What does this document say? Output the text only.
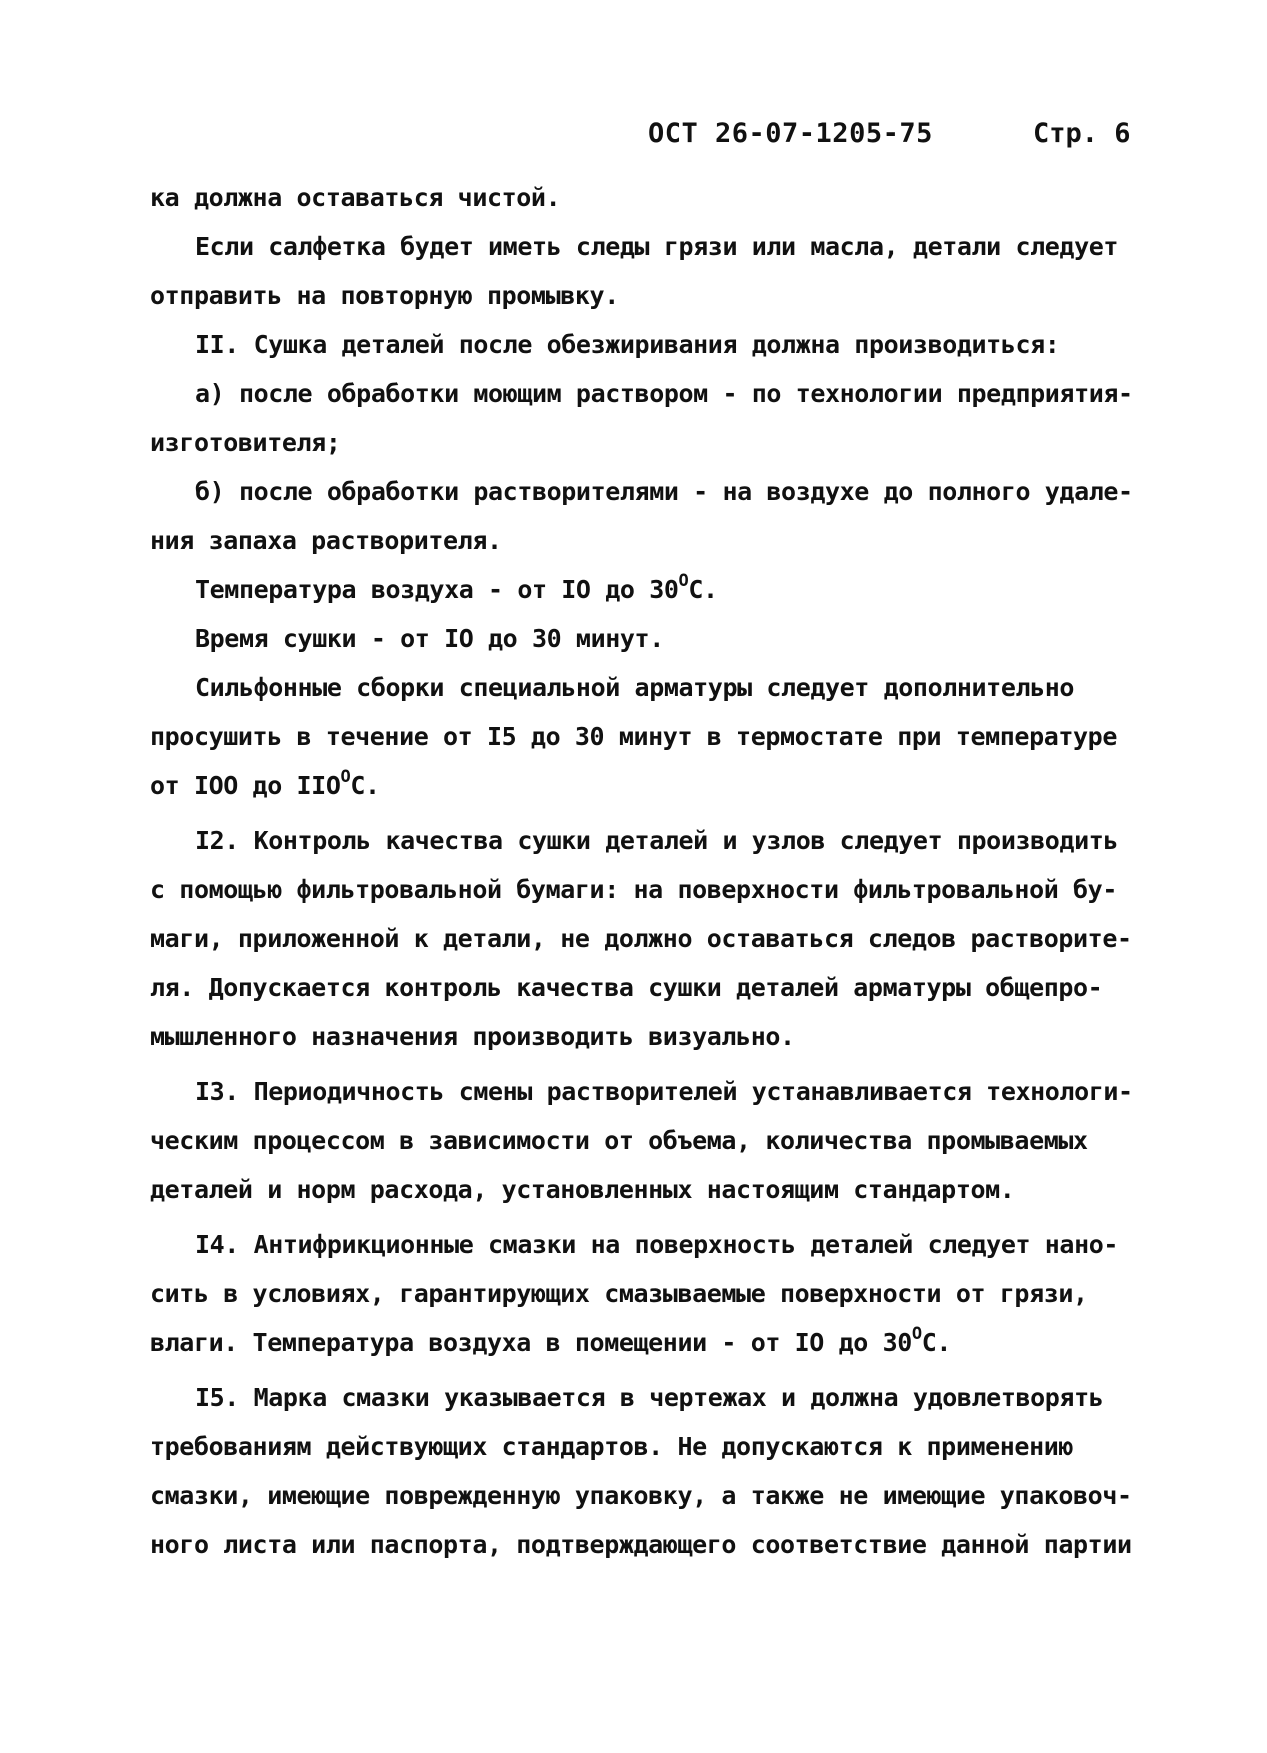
ОСТ 26-07-1205-75	Стр. 6
ка должна оставаться чистой.
Если салфетка будет иметь следы грязи или масла, детали следует
отправить на повторную промывку.
II. Сушка деталей после обезжиривания должна производиться:
а) после обработки моющим раствором - по технологии предприятия-
изготовителя;
б) после обработки растворителями - на воздухе до полного удале-
ния запаха растворителя.
Температура воздуха - от IO до $30^OC$.
Время сушки - от IO до 30 минут.
Сильфонные сборки специальной арматуры следует дополнительно
просушить в течение от I5 до 30 минут в термостате при температуре
от IOO до $IIO^OC$.
I2. Контроль качества сушки деталей и узлов следует производить
с помощью фильтровальной бумаги: на поверхности фильтровальной бу-
маги, приложенной к детали, не должно оставаться следов растворите-
ля. Допускается контроль качества сушки деталей арматуры общепро-
мышленного назначения производить визуально.
I3. Периодичность смены растворителей устанавливается технологи-
ческим процессом в зависимости от объема, количества промываемых
деталей и норм расхода, установленных настоящим стандартом.
I4. Антифрикционные смазки на поверхность деталей следует нано-
сить в условиях, гарантирующих смазываемые поверхности от грязи,
влаги. Температура воздуха в помещении - от IO до $30^OC$.
I5. Марка смазки указывается в чертежах и должна удовлетворять
требованиям действующих стандартов. Не допускаются к применению
смазки, имеющие поврежденную упаковку, а также не имеющие упаковоч-
ного листа или паспорта, подтверждающего соответствие данной партии
